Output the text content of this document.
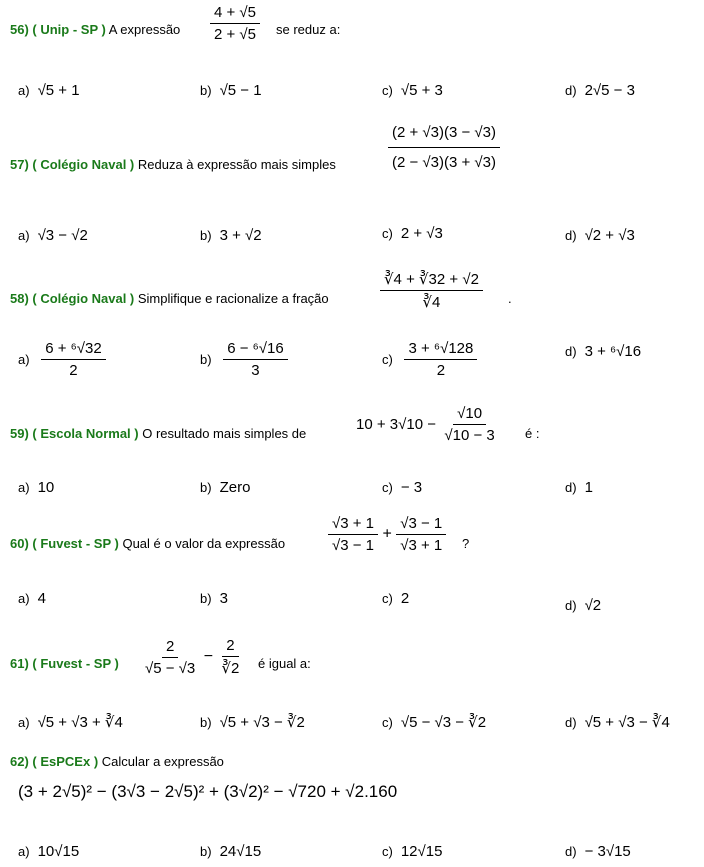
56) ( Unip - SP ) A expressão $\frac{4 + √5}{2 + √5}$ se reduz a:
a) √5 + 1	b) √5 − 1	c) √5 + 3	d) 2√5 − 3
57) ( Colégio Naval ) Reduza à expressão mais simples	$\frac{(2 + √3)(3 - √3)}{(2 - √3)(3 + √3)}$
a) √3 − √2	b) 3 + √2	c) 2 + √3	d) √2 + √3
58) ( Colégio Naval ) Simplifique e racionalize a fração	$\frac{∛4 + ∛32 + √2}{∛4}$ .
$a) \frac{\text{6 + ⁶√32}}{2}$	$b) \frac{\text{6 − ⁶√16}}{3}$	$c) \frac{\text{3 + ⁶√128}}{2}$	d) 3 + ⁶√16
59) ( Escola Normal ) O resultado mais simples de
$10 + 3√10 - \frac{√10}{√10 - 3}$ é :
a) 10	b) Zero	c) − 3	d) 1
60) ( Fuvest - SP ) Qual é o valor da expressão	$\frac{√3 + 1}{√3 - 1} + \frac{√3 - 1}{√3 + 1}$ ?
a) 4	b) 3	c) 2	d) √2
61) ( Fuvest - SP ) $\frac{2}{√5 - √3} - \frac{2}{∛2}$ é igual a:
a) √5 + √3 + ∛4	b) √5 + √3 − ∛2	c) √5 − √3 − ∛2	d) √5 + √3 − ∛4
62) ( EsPCEx ) Calcular a expressão
(3 + 2√5)² − (3√3 − 2√5)² + (3√2)² − √720 + √2.160
a) 10√15	b) 24√15	c) 12√15	d) − 3√15
